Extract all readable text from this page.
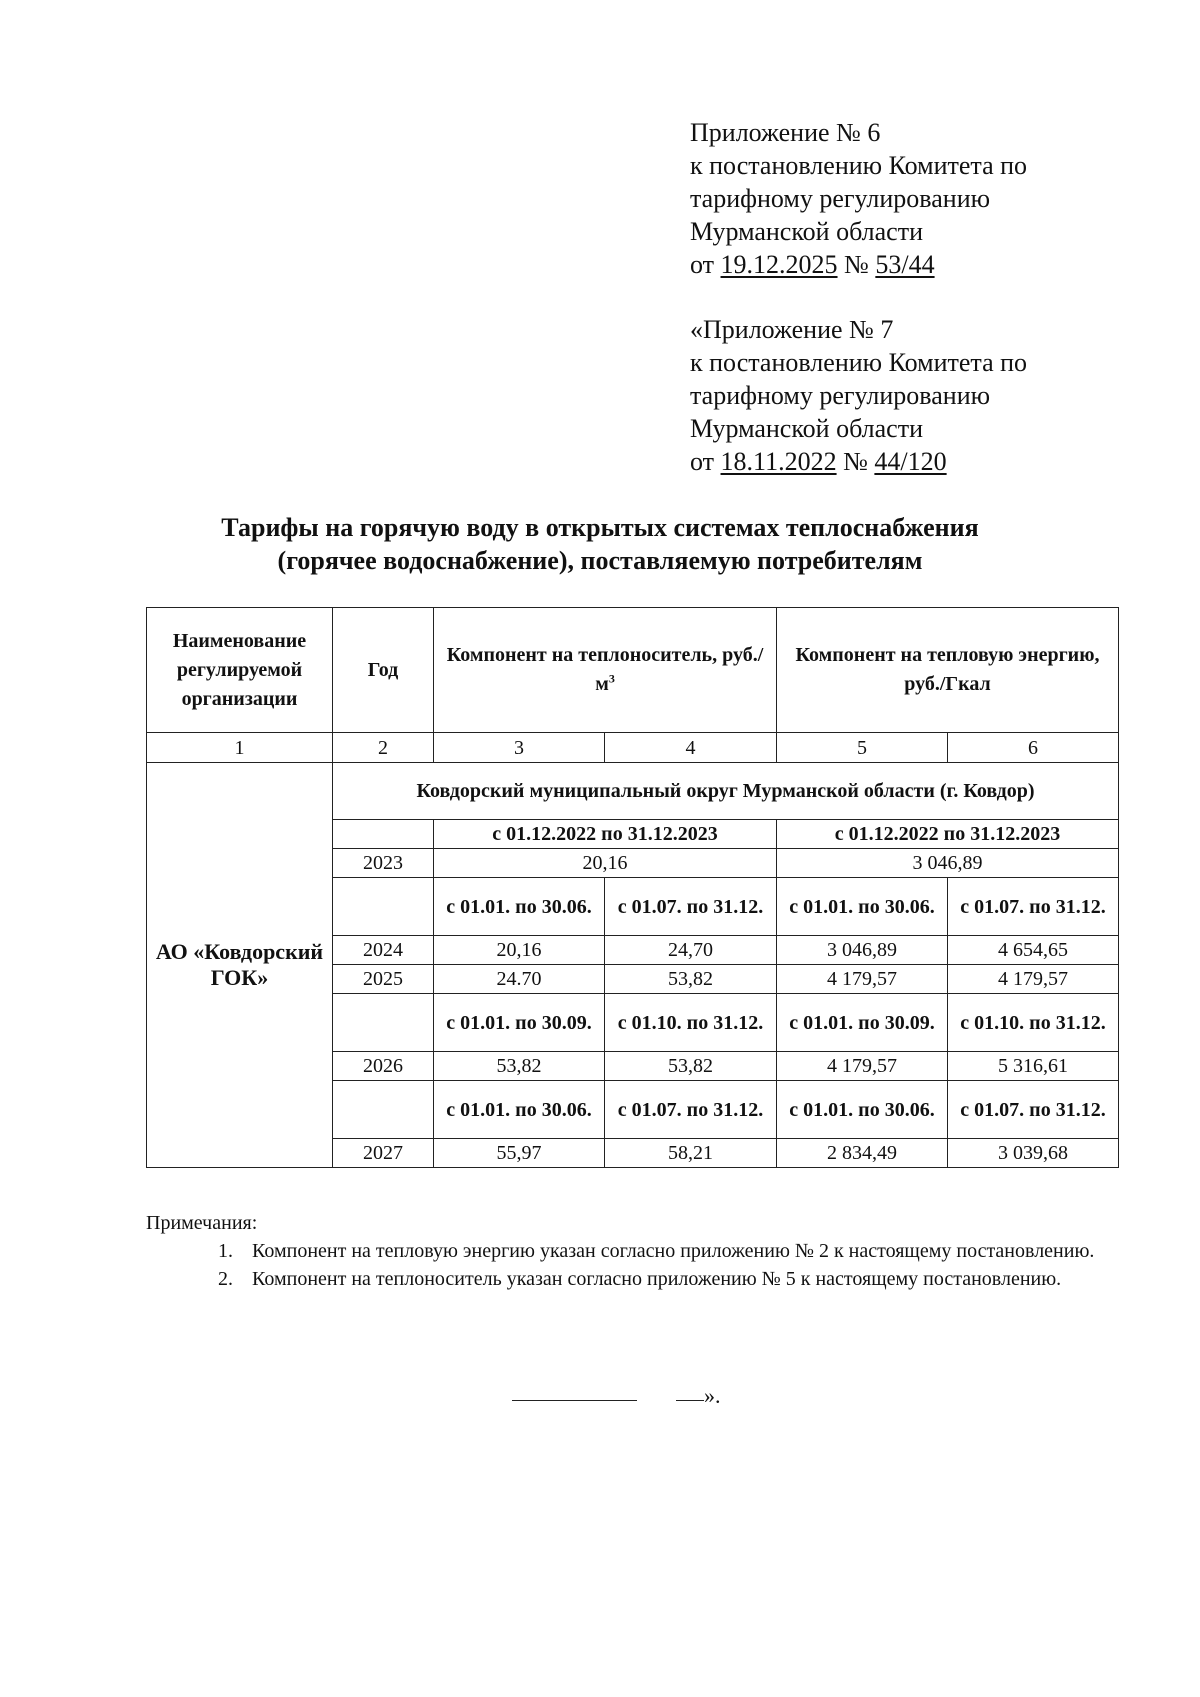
Приложение № 6
к постановлению Комитета по
тарифному регулированию
Мурманской области
от 19.12.2025 № 53/44
«Приложение № 7
к постановлению Комитета по
тарифному регулированию
Мурманской области
от 18.11.2022 № 44/120
Тарифы на горячую воду в открытых системах теплоснабжения
(горячее водоснабжение), поставляемую потребителям
Наименование регулируемой организации	Год	Компонент на теплоноситель, $руб./м^3$		Компонент на тепловую энергию, руб./Гкал	
1	2	3	4	5	6
АО «Ковдорский ГОК»	Ковдорский муниципальный округ Мурманской области (г. Ковдор)				
		с 01.12.2022 по 31.12.2023		с 01.12.2022 по 31.12.2023	
	2023	20,16		3 046,89	
		с 01.01. по 30.06.	с 01.07. по 31.12.	с 01.01. по 30.06.	с 01.07. по 31.12.
	2024	20,16	24,70	3 046,89	4 654,65
	2025	24.70	53,82	4 179,57	4 179,57
		с 01.01. по 30.09.	с 01.10. по 31.12.	с 01.01. по 30.09.	с 01.10. по 31.12.
	2026	53,82	53,82	4 179,57	5 316,61
		с 01.01. по 30.06.	с 01.07. по 31.12.	с 01.01. по 30.06.	с 01.07. по 31.12.
	2027	55,97	58,21	2 834,49	3 039,68
Примечания:
1. Компонент на тепловую энергию указан согласно приложению № 2 к настоящему постановлению.
2. Компонент на теплоноситель указан согласно приложению № 5 к настоящему постановлению.
».
